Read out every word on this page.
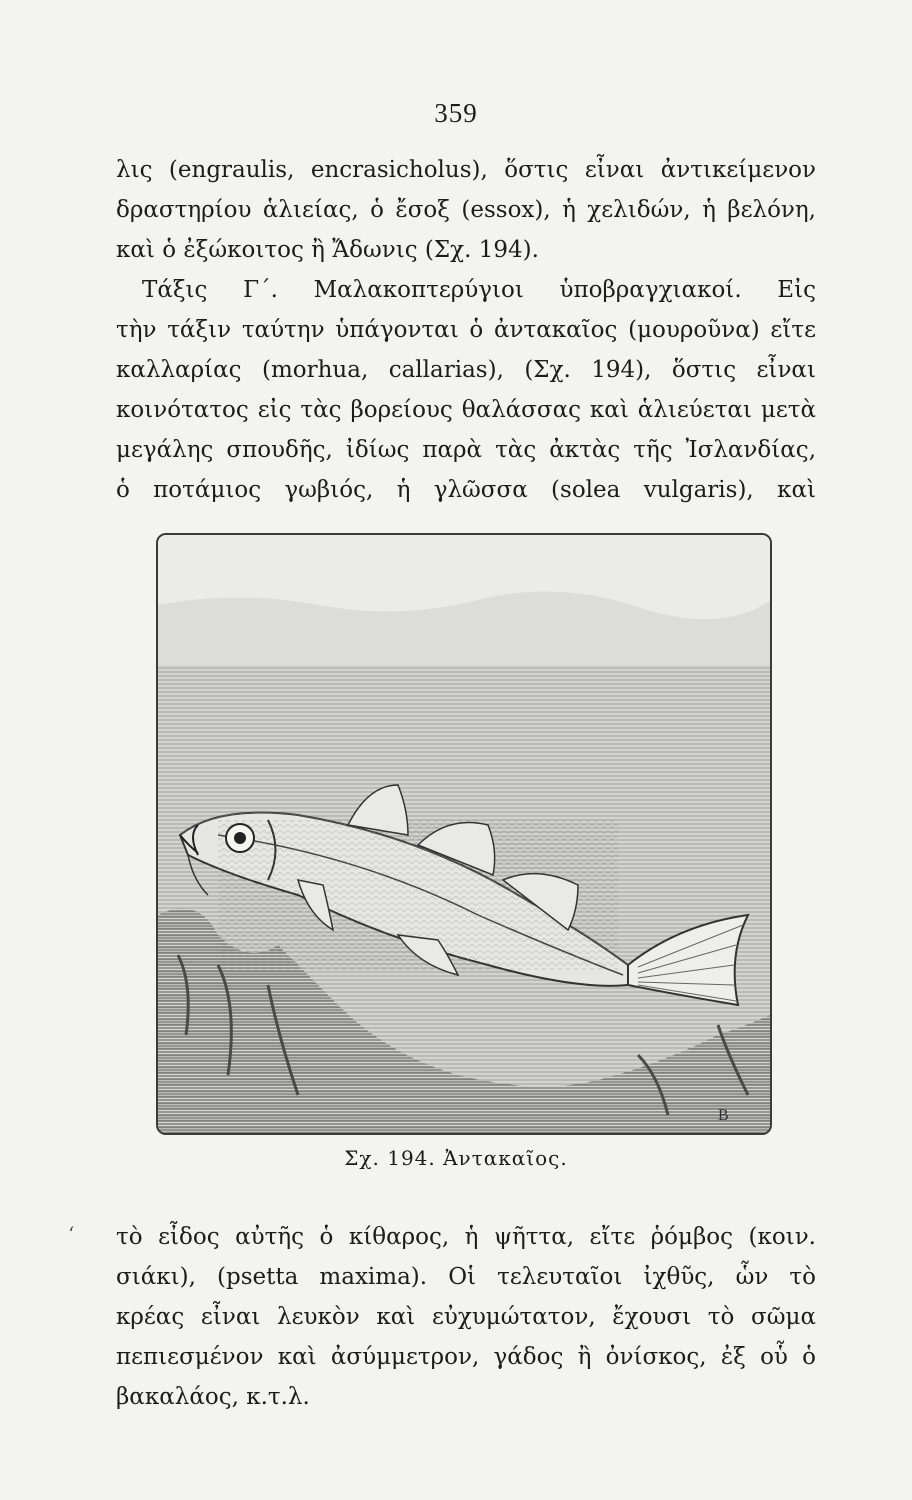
359
λις (engraulis, encrasicholus), ὅστις εἶναι ἀντικείμενον
δραστηρίου ἁλιείας, ὁ ἔσοξ (essox), ἡ χελιδών, ἡ βελόνη,
καὶ ὁ ἐξώκοιτος ἢ Ἄδωνις (Σχ. 194).
Τάξις Γ΄. Μαλακοπτερύγιοι ὑποβραγχιακοί. Εἰς
τὴν τάξιν ταύτην ὑπάγονται ὁ ἀντακαῖος (μουροῦνα) εἴτε
καλλαρίας (morhua, callarias), (Σχ. 194), ὅστις εἶναι
κοινότατος εἰς τὰς βορείους θαλάσσας καὶ ἁλιεύεται μετὰ
μεγάλης σπουδῆς, ἰδίως παρὰ τὰς ἀκτὰς τῆς Ἰσλανδίας,
ὁ ποτάμιος γωβιός, ἡ γλῶσσα (solea vulgaris), καὶ
B
Σχ. 194. Ἀντακαῖος.
‘ τὸ εἶδος αὐτῆς ὁ κίθαρος, ἡ ψῆττα, εἴτε ῥόμβος (κοιν.
σιάκι), (psetta maxima). Οἱ τελευταῖοι ἰχθῦς, ὧν τὸ
κρέας εἶναι λευκὸν καὶ εὐχυμώτατον, ἔχουσι τὸ σῶμα
πεπιεσμένον καὶ ἀσύμμετρον, γάδος ἢ ὀνίσκος, ἐξ οὗ ὁ
βακαλάος, κ.τ.λ.
